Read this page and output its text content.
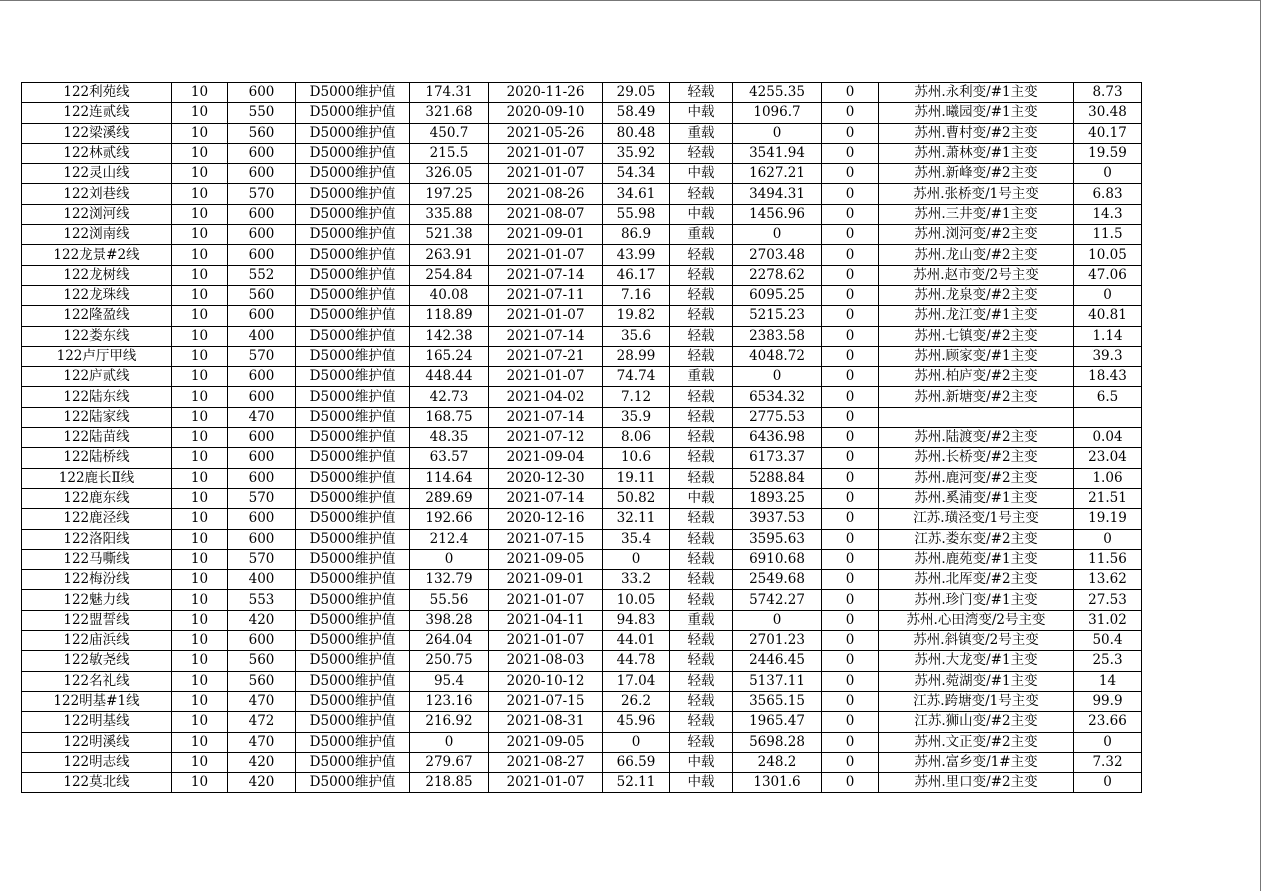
122利苑线	10	600	D5000维护值	174.31	2020-11-26	29.05	轻载	4255.35	0	苏州.永利变/#1主变	8.73
122连贰线	10	550	D5000维护值	321.68	2020-09-10	58.49	中载	1096.7	0	苏州.曦园变/#1主变	30.48
122梁溪线	10	560	D5000维护值	450.7	2021-05-26	80.48	重载	0	0	苏州.曹村变/#2主变	40.17
122林贰线	10	600	D5000维护值	215.5	2021-01-07	35.92	轻载	3541.94	0	苏州.萧林变/#1主变	19.59
122灵山线	10	600	D5000维护值	326.05	2021-01-07	54.34	中载	1627.21	0	苏州.新峰变/#2主变	0
122刘巷线	10	570	D5000维护值	197.25	2021-08-26	34.61	轻载	3494.31	0	苏州.张桥变/1号主变	6.83
122浏河线	10	600	D5000维护值	335.88	2021-08-07	55.98	中载	1456.96	0	苏州.三井变/#1主变	14.3
122浏南线	10	600	D5000维护值	521.38	2021-09-01	86.9	重载	0	0	苏州.浏河变/#2主变	11.5
122龙景#2线	10	600	D5000维护值	263.91	2021-01-07	43.99	轻载	2703.48	0	苏州.龙山变/#2主变	10.05
122龙树线	10	552	D5000维护值	254.84	2021-07-14	46.17	轻载	2278.62	0	苏州.赵市变/2号主变	47.06
122龙珠线	10	560	D5000维护值	40.08	2021-07-11	7.16	轻载	6095.25	0	苏州.龙泉变/#2主变	0
122隆盈线	10	600	D5000维护值	118.89	2021-01-07	19.82	轻载	5215.23	0	苏州.龙江变/#1主变	40.81
122娄东线	10	400	D5000维护值	142.38	2021-07-14	35.6	轻载	2383.58	0	苏州.七镇变/#2主变	1.14
122卢厅甲线	10	570	D5000维护值	165.24	2021-07-21	28.99	轻载	4048.72	0	苏州.顾家变/#1主变	39.3
122庐贰线	10	600	D5000维护值	448.44	2021-01-07	74.74	重载	0	0	苏州.柏庐变/#2主变	18.43
122陆东线	10	600	D5000维护值	42.73	2021-04-02	7.12	轻载	6534.32	0	苏州.新塘变/#2主变	6.5
122陆家线	10	470	D5000维护值	168.75	2021-07-14	35.9	轻载	2775.53	0		
122陆苗线	10	600	D5000维护值	48.35	2021-07-12	8.06	轻载	6436.98	0	苏州.陆渡变/#2主变	0.04
122陆桥线	10	600	D5000维护值	63.57	2021-09-04	10.6	轻载	6173.37	0	苏州.长桥变/#2主变	23.04
122鹿长Ⅱ线	10	600	D5000维护值	114.64	2020-12-30	19.11	轻载	5288.84	0	苏州.鹿河变/#2主变	1.06
122鹿东线	10	570	D5000维护值	289.69	2021-07-14	50.82	中载	1893.25	0	苏州.奚浦变/#1主变	21.51
122鹿泾线	10	600	D5000维护值	192.66	2020-12-16	32.11	轻载	3937.53	0	江苏.璜泾变/1号主变	19.19
122洛阳线	10	600	D5000维护值	212.4	2021-07-15	35.4	轻载	3595.63	0	江苏.娄东变/#2主变	0
122马嘶线	10	570	D5000维护值	0	2021-09-05	0	轻载	6910.68	0	苏州.鹿苑变/#1主变	11.56
122梅汾线	10	400	D5000维护值	132.79	2021-09-01	33.2	轻载	2549.68	0	苏州.北厍变/#2主变	13.62
122魅力线	10	553	D5000维护值	55.56	2021-01-07	10.05	轻载	5742.27	0	苏州.珍门变/#1主变	27.53
122盟誓线	10	420	D5000维护值	398.28	2021-04-11	94.83	重载	0	0	苏州.心田湾变/2号主变	31.02
122庙浜线	10	600	D5000维护值	264.04	2021-01-07	44.01	轻载	2701.23	0	苏州.斜镇变/2号主变	50.4
122敏尧线	10	560	D5000维护值	250.75	2021-08-03	44.78	轻载	2446.45	0	苏州.大龙变/#1主变	25.3
122名礼线	10	560	D5000维护值	95.4	2020-10-12	17.04	轻载	5137.11	0	苏州.菀湖变/#1主变	14
122明基#1线	10	470	D5000维护值	123.16	2021-07-15	26.2	轻载	3565.15	0	江苏.跨塘变/1号主变	99.9
122明基线	10	472	D5000维护值	216.92	2021-08-31	45.96	轻载	1965.47	0	江苏.狮山变/#2主变	23.66
122明溪线	10	470	D5000维护值	0	2021-09-05	0	轻载	5698.28	0	苏州.文正变/#2主变	0
122明志线	10	420	D5000维护值	279.67	2021-08-27	66.59	中载	248.2	0	苏州.富乡变/1#主变	7.32
122莫北线	10	420	D5000维护值	218.85	2021-01-07	52.11	中载	1301.6	0	苏州.里口变/#2主变	0
